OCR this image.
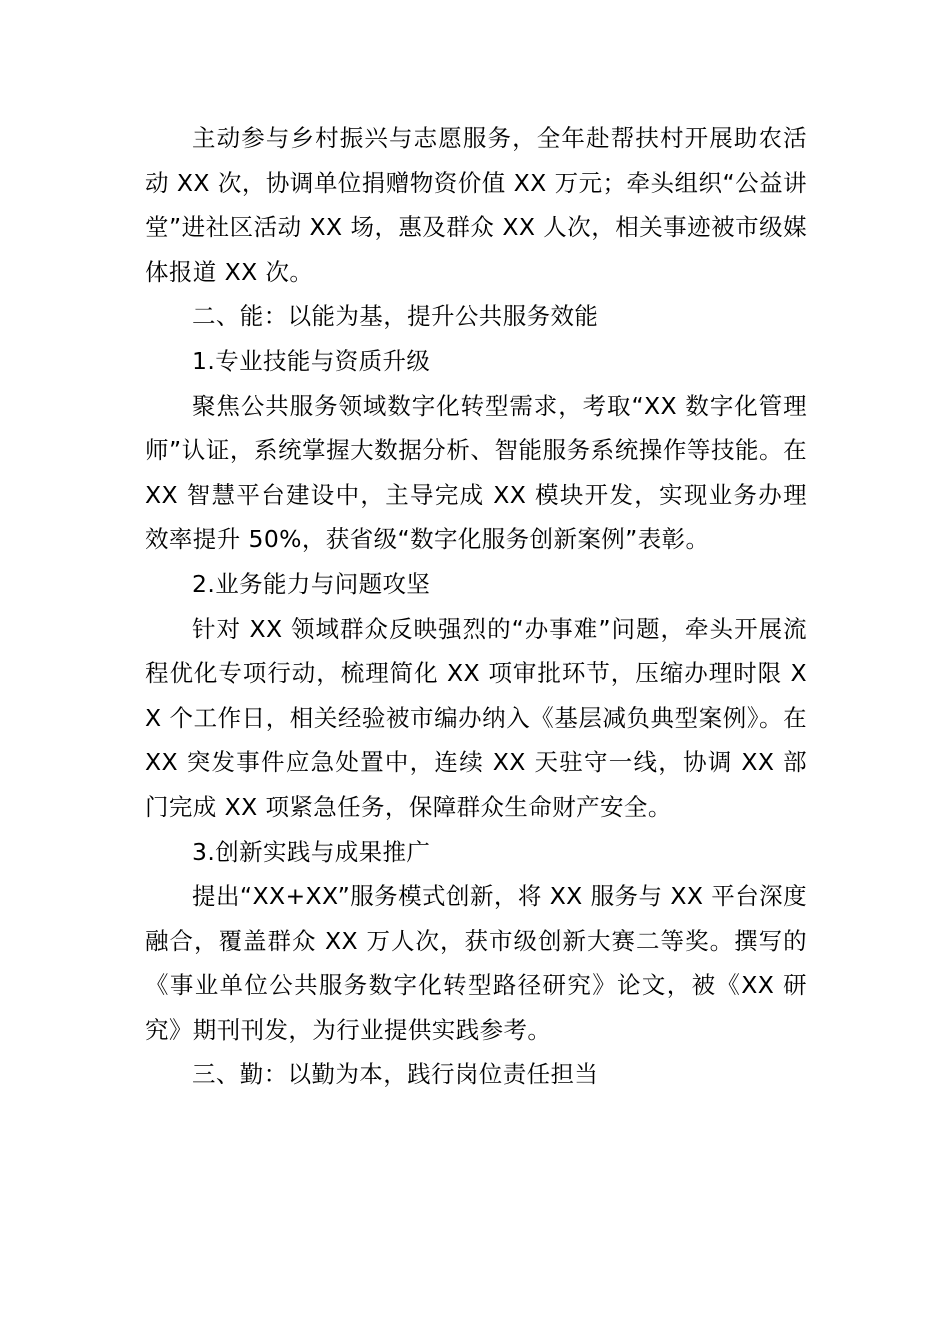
主动参与乡村振兴与志愿服务，全年赴帮扶村开展助农活动 XX 次，协调单位捐赠物资价值 XX 万元；牵头组织“公益讲堂”进社区活动 XX 场，惠及群众 XX 人次，相关事迹被市级媒体报道 XX 次。

二、能：以能为基，提升公共服务效能

1.专业技能与资质升级

聚焦公共服务领域数字化转型需求，考取“XX 数字化管理师”认证，系统掌握大数据分析、智能服务系统操作等技能。在 XX 智慧平台建设中，主导完成 XX 模块开发，实现业务办理效率提升 50%，获省级“数字化服务创新案例”表彰。

2.业务能力与问题攻坚

针对 XX 领域群众反映强烈的“办事难”问题，牵头开展流程优化专项行动，梳理简化 XX 项审批环节，压缩办理时限 XX 个工作日，相关经验被市编办纳入《基层减负典型案例》。在 XX 突发事件应急处置中，连续 XX 天驻守一线，协调 XX 部门完成 XX 项紧急任务，保障群众生命财产安全。

3.创新实践与成果推广

提出“XX+XX”服务模式创新，将 XX 服务与 XX 平台深度融合，覆盖群众 XX 万人次，获市级创新大赛二等奖。撰写的《事业单位公共服务数字化转型路径研究》论文，被《XX 研究》期刊刊发，为行业提供实践参考。

三、勤：以勤为本，践行岗位责任担当
